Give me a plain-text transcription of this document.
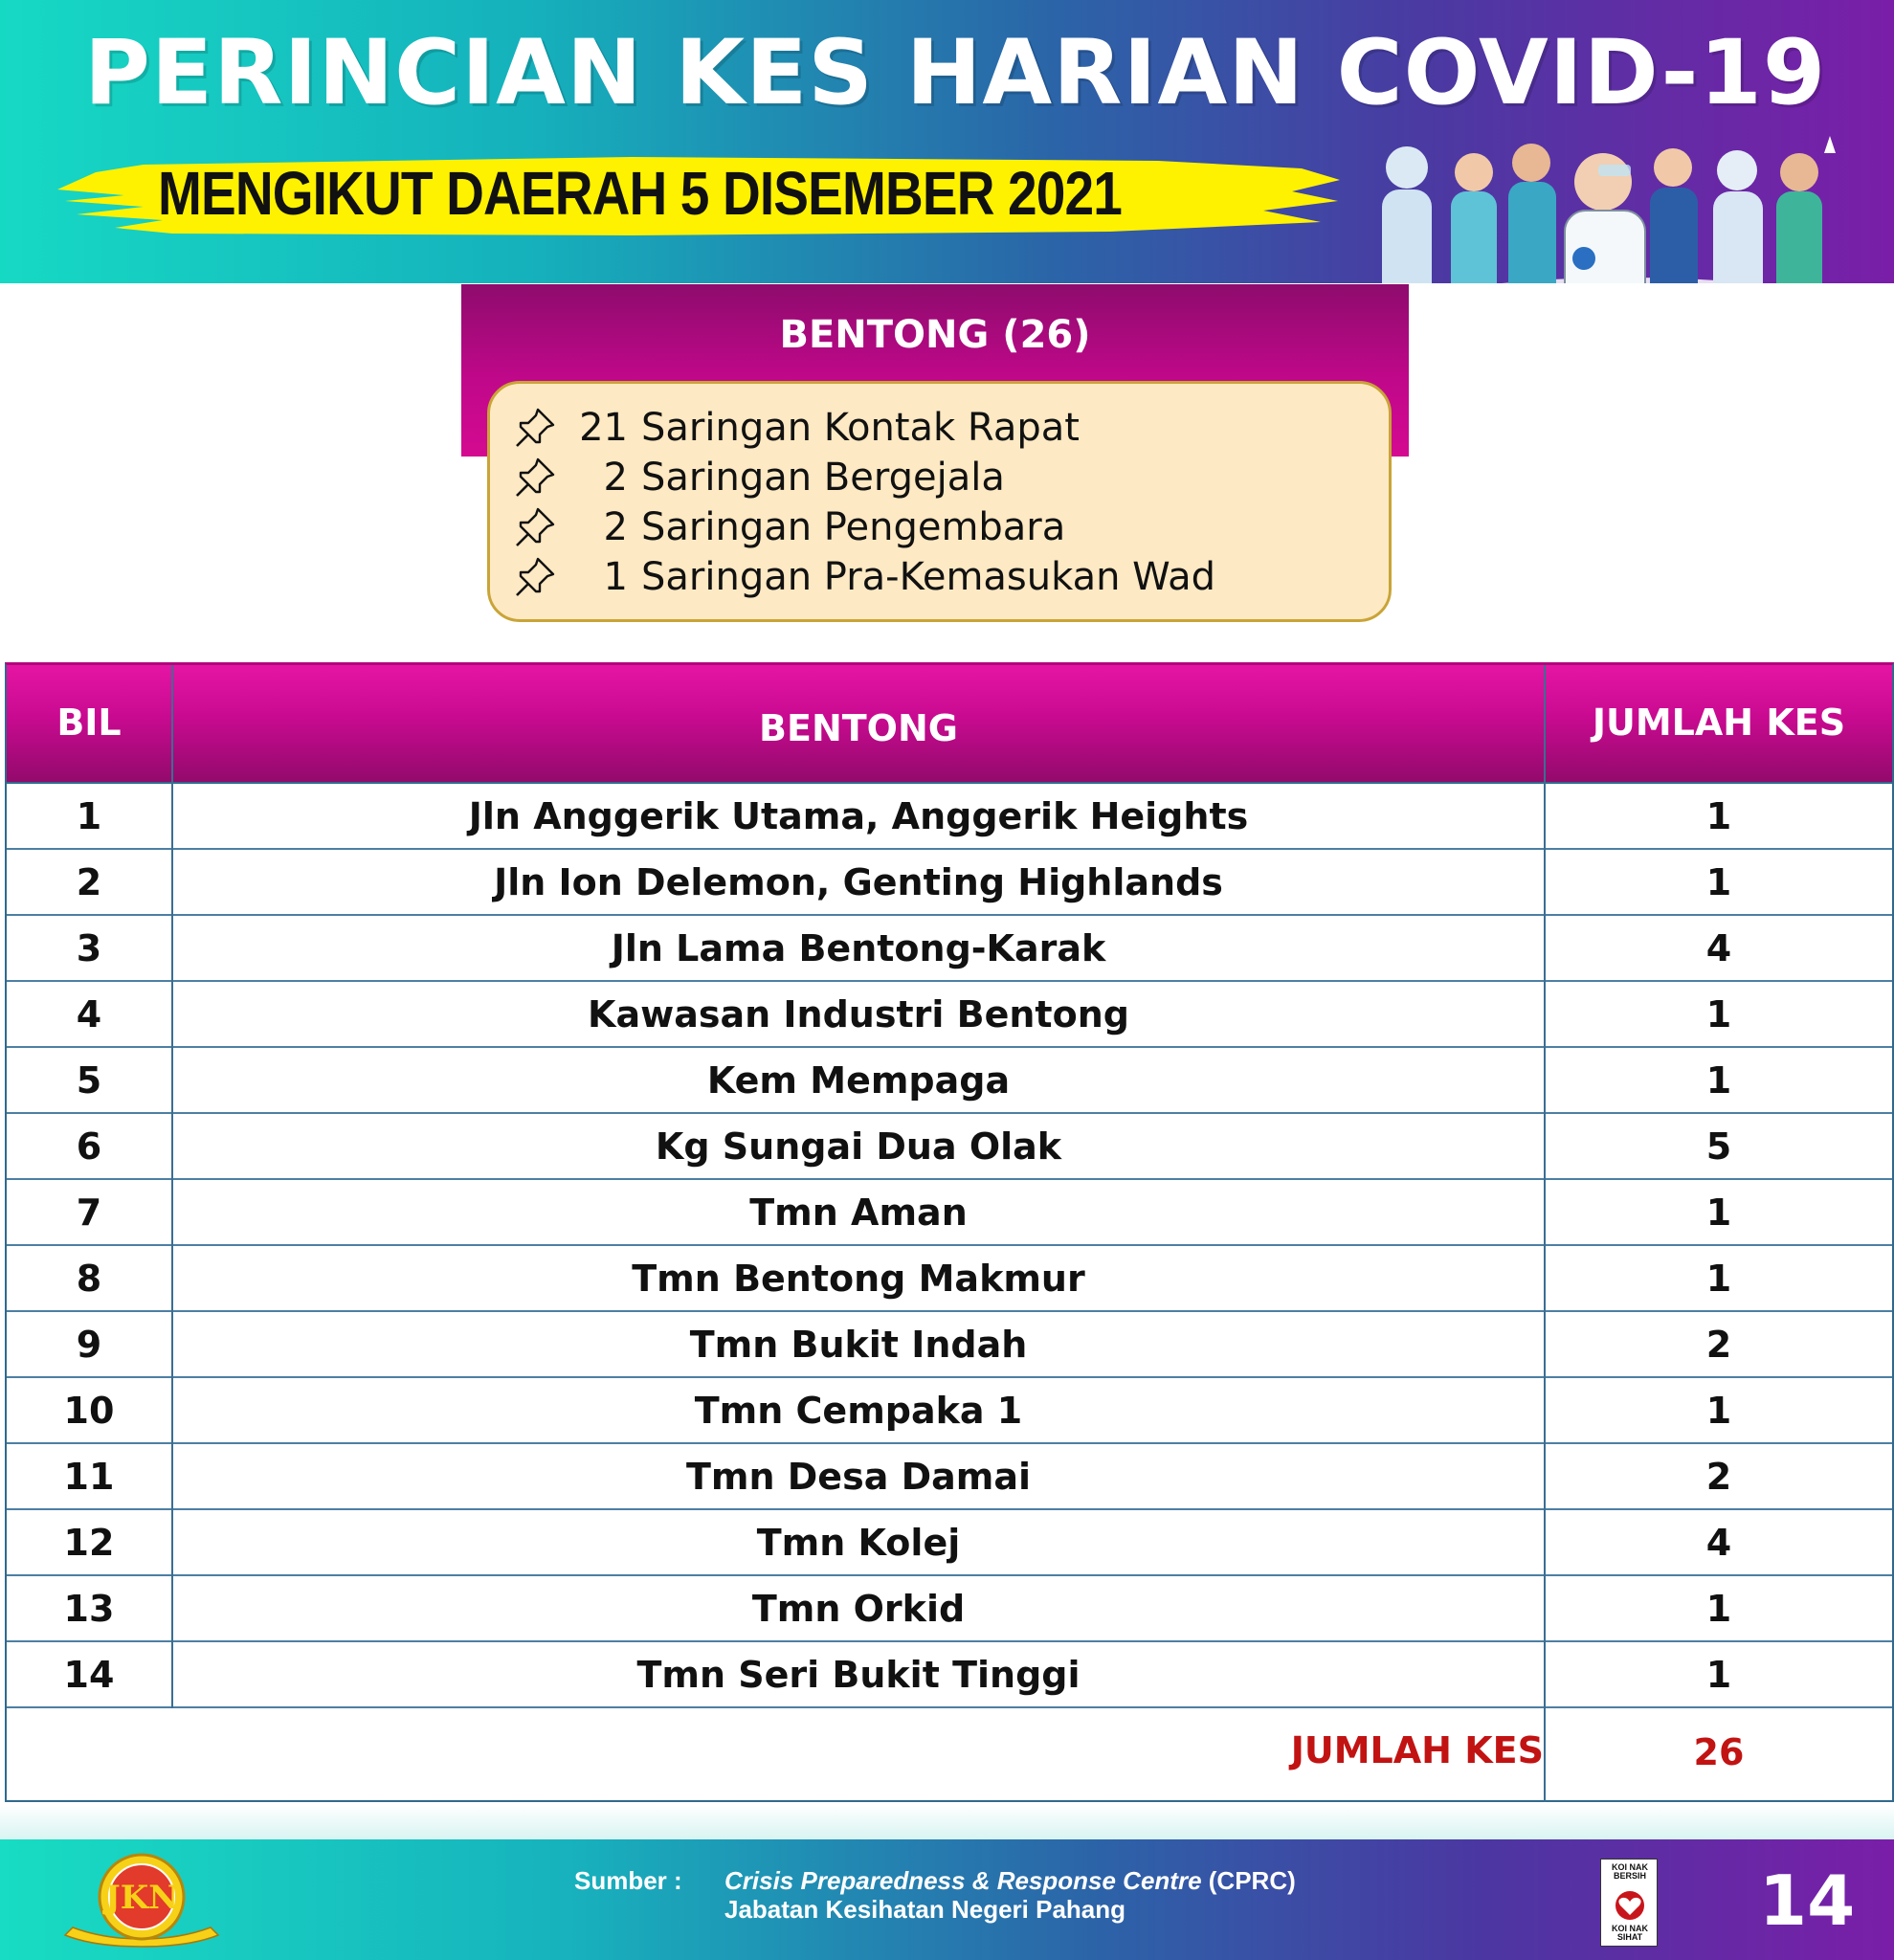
PERINCIAN KES HARIAN COVID-19
MENGIKUT DAERAH 5 DISEMBER 2021
BENTONG (26)
21 Saringan Kontak Rapat
2 Saringan Bergejala
2 Saringan Pengembara
1 Saringan Pra-Kemasukan Wad
BIL	BENTONG	JUMLAH KES
1	Jln Anggerik Utama, Anggerik Heights	1
2	Jln Ion Delemon, Genting Highlands	1
3	Jln Lama Bentong-Karak	4
4	Kawasan Industri Bentong	1
5	Kem Mempaga	1
6	Kg Sungai Dua Olak	5
7	Tmn Aman	1
8	Tmn Bentong Makmur	1
9	Tmn Bukit Indah	2
10	Tmn Cempaka 1	1
11	Tmn Desa Damai	2
12	Tmn Kolej	4
13	Tmn Orkid	1
14	Tmn Seri Bukit Tinggi	1
JUMLAH KES	26
JKN	Sumber : Crisis Preparedness & Response Centre (CPRC)
Jabatan Kesihatan Negeri Pahang
KOI NAK BERSIH
KOI NAK SIHAT 14
